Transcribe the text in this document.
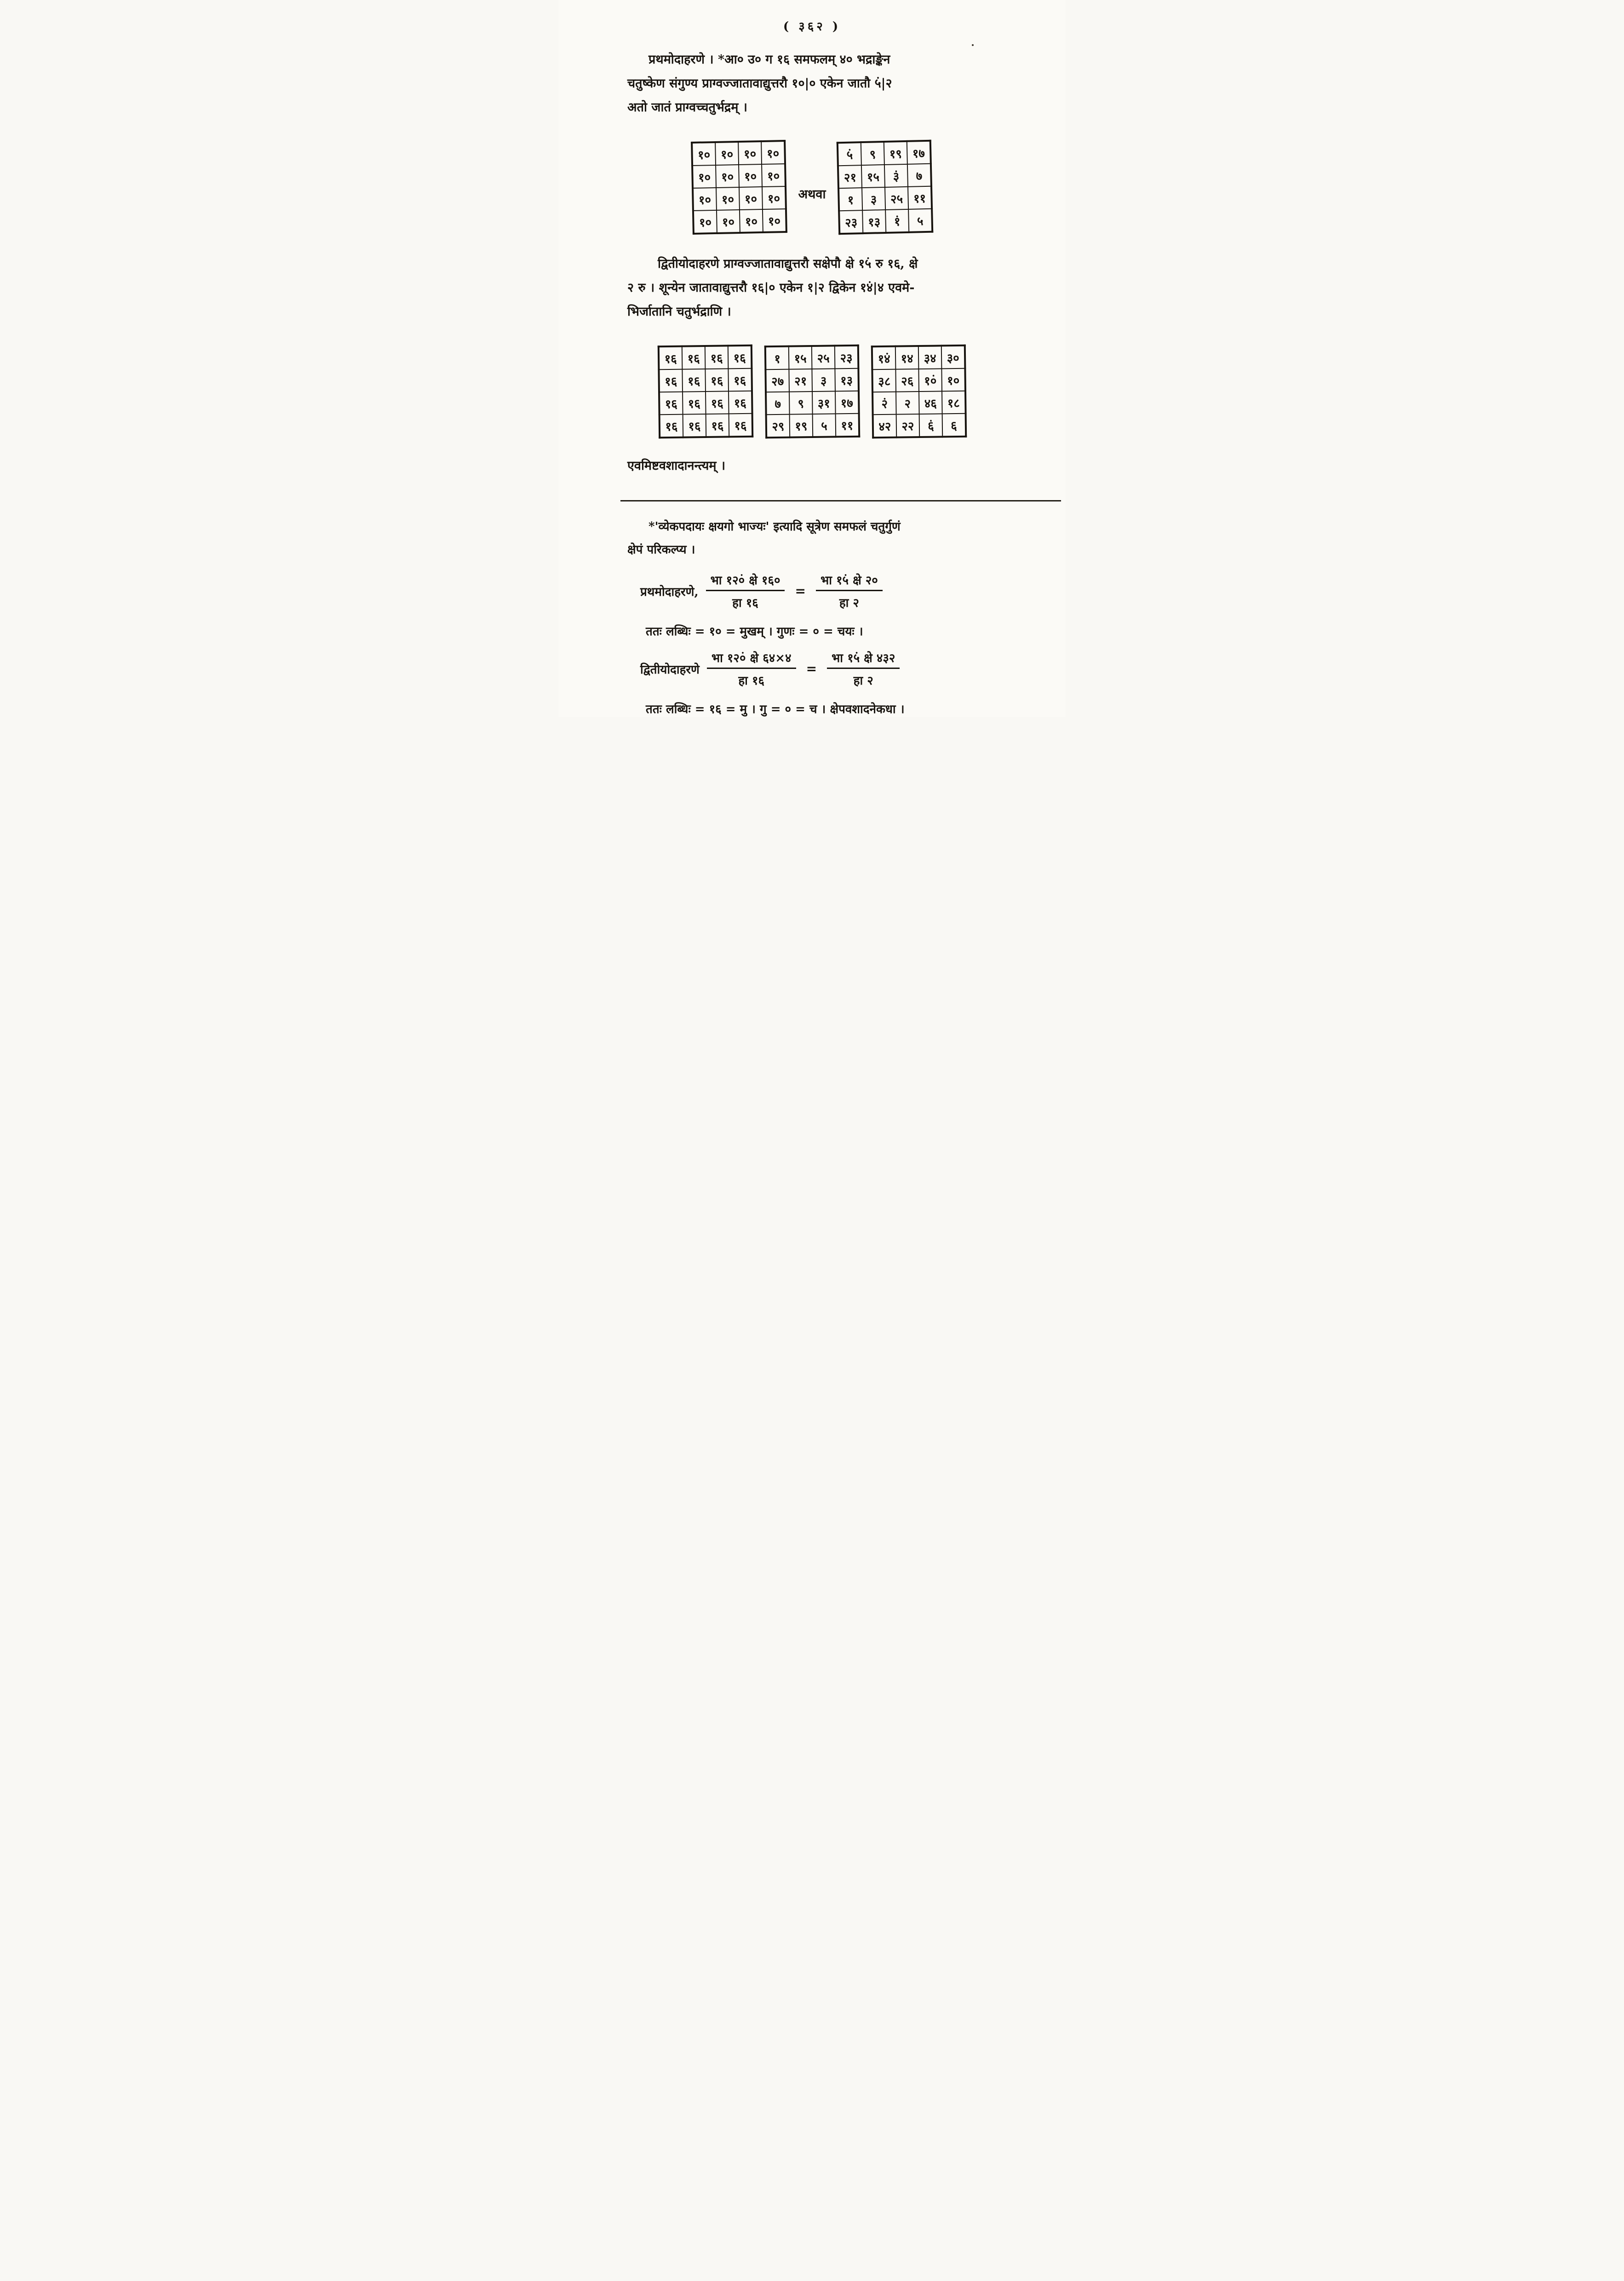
( ३६२ )
प्रथमोदाहरणे । *आ० उ० ग १६ समफलम् ४० भद्राङ्केन
चतुष्केण संगुण्य प्राग्वज्जातावाद्युत्तरौ १०|० एकेन जातौ ५ं|२
अतो जातं प्राग्वच्चतुर्भद्रम् ।
१०	१०	१०	१०
१०	१०	१०	१०
१०	१०	१०	१०
१०	१०	१०	१०
अथवा
५ं	९	१९	१७
२१	१५	३ं	७
१	३	२५	११
२३	१३	१ं	५
द्वितीयोदाहरणे प्राग्वज्जातावाद्युत्तरौ सक्षेपौ क्षे १५ं रु १६, क्षे
२ रु । शून्येन जातावाद्युत्तरौ १६|० एकेन १|२ द्विकेन १४ं|४ एवमे-
भिर्जातानि चतुर्भद्राणि ।
१६	१६	१६	१६
१६	१६	१६	१६
१६	१६	१६	१६
१६	१६	१६	१६
१	१५	२५	२३
२७	२१	३	१३
७	९	३१	१७
२९	१९	५	११
१४ं	१४	३४	३०
३८	२६	१०ं	१०
२ं	२	४६	१८
४२	२२	६ं	६
एवमिष्टवशादानन्त्यम् ।
*'व्येकपदायः क्षयगो भाज्यः' इत्यादि सूत्रेण समफलं चतुर्गुणं
क्षेपं परिकल्प्य ।
प्रथमोदाहरणे, $\frac{\text{भा १२०ं क्षे १६०}}{\text{हा १६}} = \frac{\text{भा १५ं क्षे २०}}{\text{हा २}}$
ततः लब्धिः = १० = मुखम् । गुणः = ० = चयः ।
द्वितीयोदाहरणे $\frac{\text{भा १२०ं क्षे ६४×४}}{\text{हा १६}} = \frac{\text{भा १५ं क्षे ४३२}}{\text{हा २}}$
ततः लब्धिः = १६ = मु । गु = ० = च । क्षेपवशादनेकधा ।
